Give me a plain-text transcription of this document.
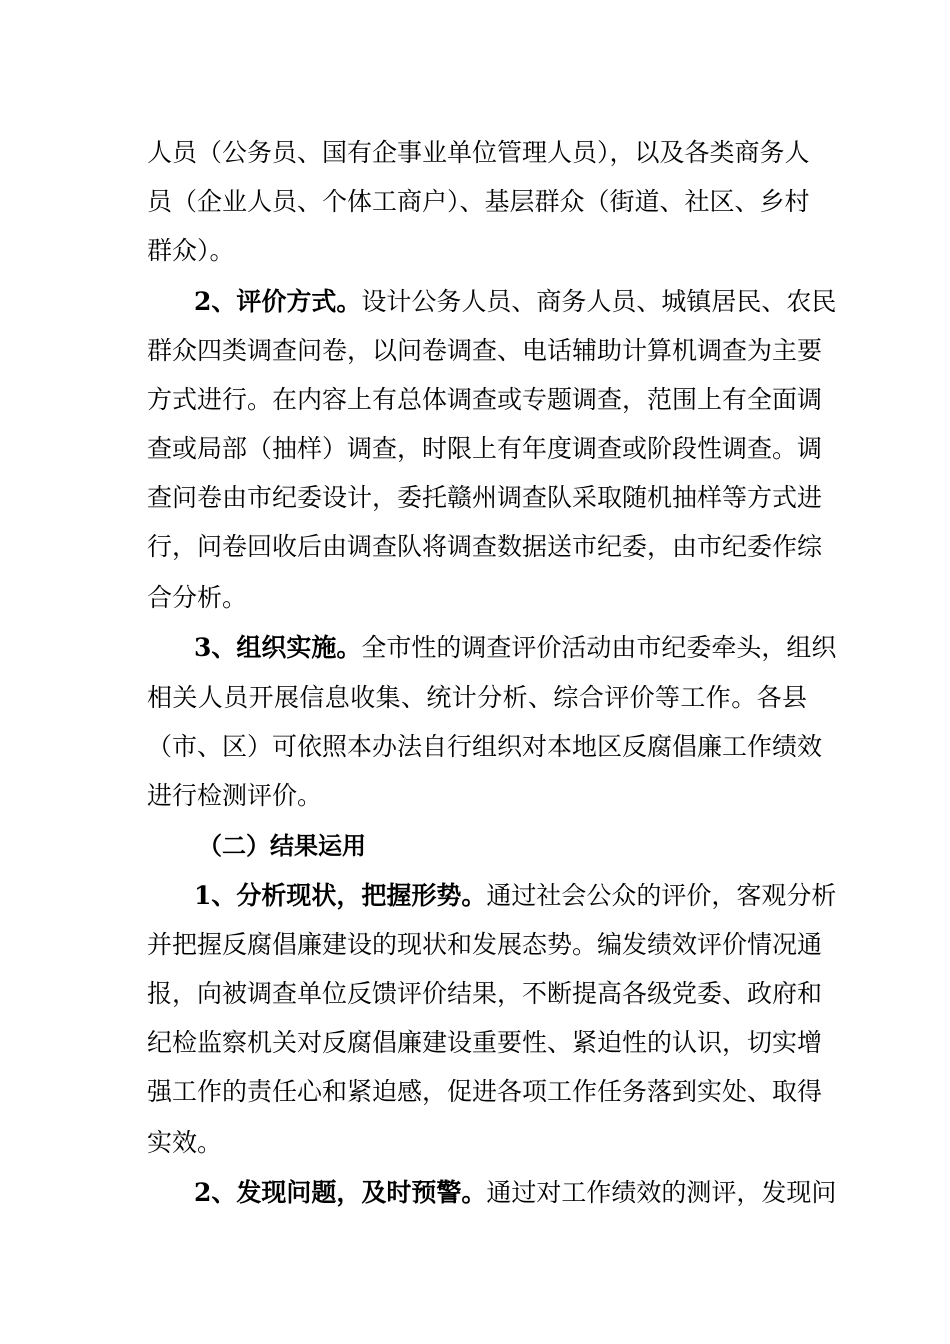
人员（公务员、国有企事业单位管理人员），以及各类商务人
员（企业人员、个体工商户）、基层群众（街道、社区、乡村
群众）。
2、评价方式。设计公务人员、商务人员、城镇居民、农民
群众四类调查问卷，以问卷调查、电话辅助计算机调查为主要
方式进行。在内容上有总体调查或专题调查，范围上有全面调
查或局部（抽样）调查，时限上有年度调查或阶段性调查。调
查问卷由市纪委设计，委托赣州调查队采取随机抽样等方式进
行，问卷回收后由调查队将调查数据送市纪委，由市纪委作综
合分析。
3、组织实施。全市性的调查评价活动由市纪委牵头，组织
相关人员开展信息收集、统计分析、综合评价等工作。各县
（市、区）可依照本办法自行组织对本地区反腐倡廉工作绩效
进行检测评价。
（二）结果运用
1、分析现状，把握形势。通过社会公众的评价，客观分析
并把握反腐倡廉建设的现状和发展态势。编发绩效评价情况通
报，向被调查单位反馈评价结果，不断提高各级党委、政府和
纪检监察机关对反腐倡廉建设重要性、紧迫性的认识，切实增
强工作的责任心和紧迫感，促进各项工作任务落到实处、取得
实效。
2、发现问题，及时预警。通过对工作绩效的测评，发现问
